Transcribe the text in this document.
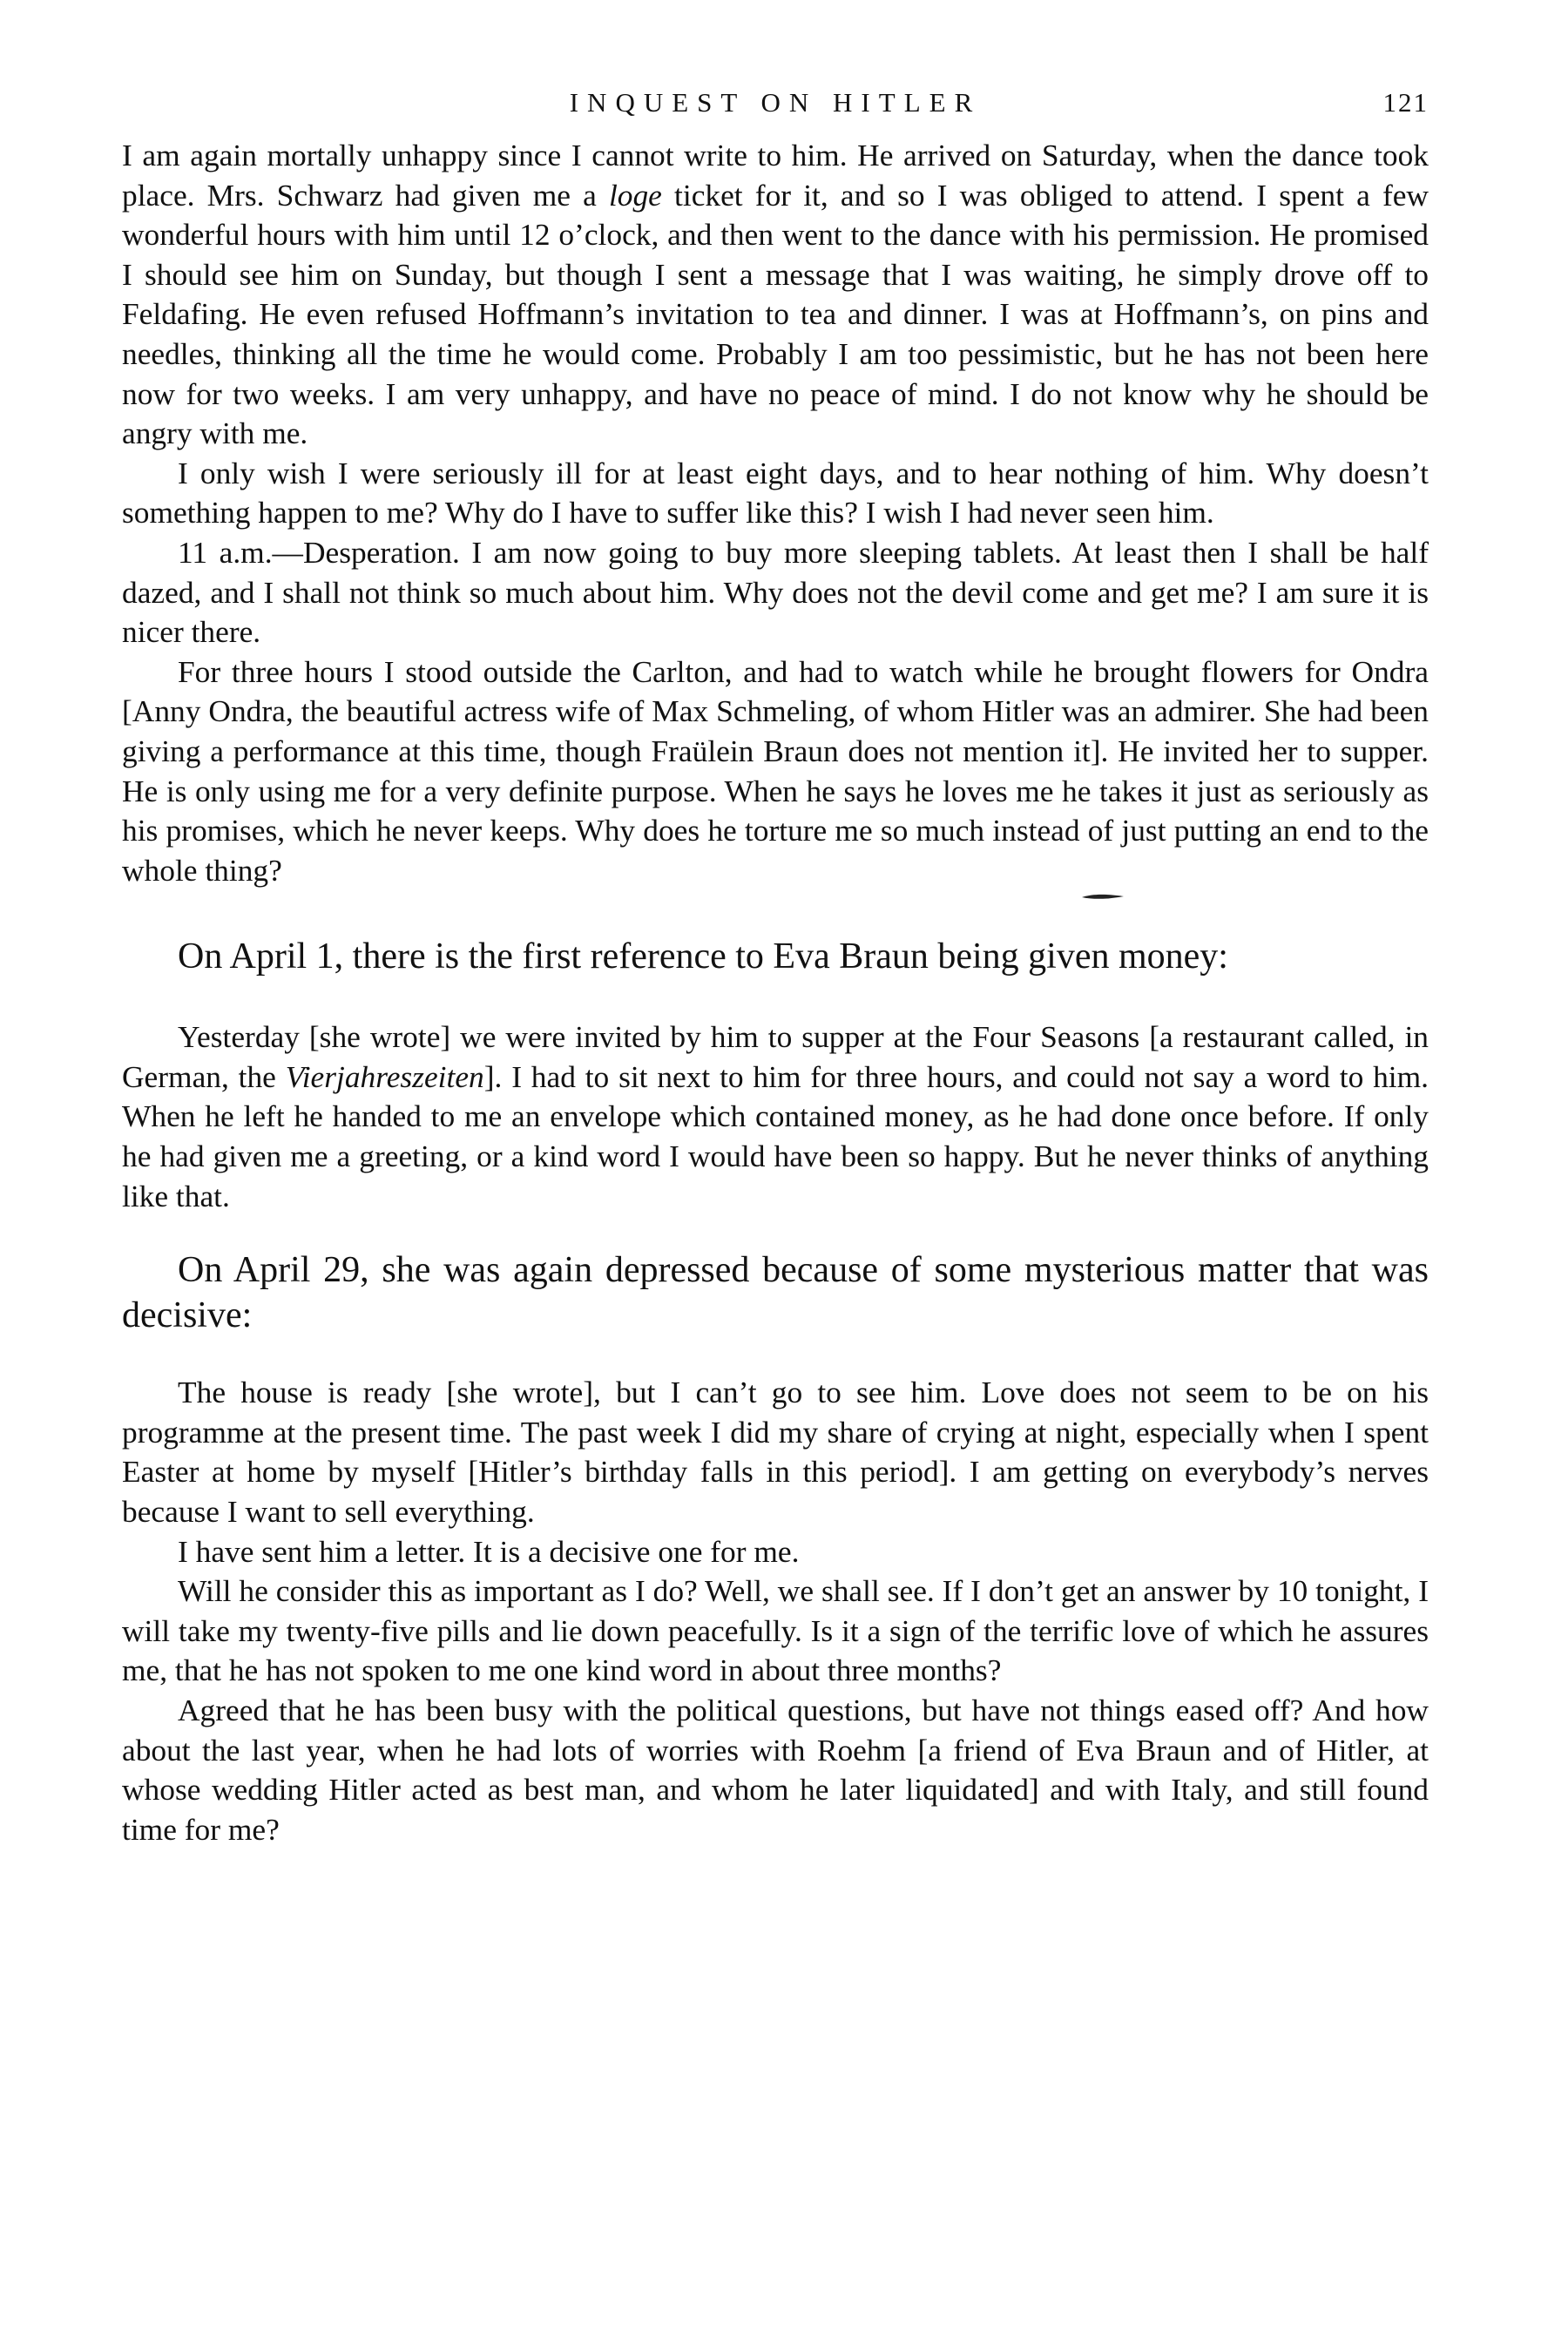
INQUEST ON HITLER	121

I am again mortally unhappy since I cannot write to him. He arrived on Saturday, when the dance took place. Mrs. Schwarz had given me a loge ticket for it, and so I was obliged to attend. I spent a few wonderful hours with him until 12 o’clock, and then went to the dance with his permission. He promised I should see him on Sunday, but though I sent a message that I was waiting, he simply drove off to Feldafing. He even refused Hoffmann’s invitation to tea and dinner. I was at Hoffmann’s, on pins and needles, thinking all the time he would come. Probably I am too pessimistic, but he has not been here now for two weeks. I am very unhappy, and have no peace of mind. I do not know why he should be angry with me.

I only wish I were seriously ill for at least eight days, and to hear nothing of him. Why doesn’t something happen to me? Why do I have to suffer like this? I wish I had never seen him.

11 a.m.—Desperation. I am now going to buy more sleeping tablets. At least then I shall be half dazed, and I shall not think so much about him. Why does not the devil come and get me? I am sure it is nicer there.

For three hours I stood outside the Carlton, and had to watch while he brought flowers for Ondra [Anny Ondra, the beautiful actress wife of Max Schmeling, of whom Hitler was an admirer. She had been giving a performance at this time, though Fraülein Braun does not mention it]. He invited her to supper. He is only using me for a very definite purpose. When he says he loves me he takes it just as seriously as his promises, which he never keeps. Why does he torture me so much instead of just putting an end to the whole thing?

On April 1, there is the first reference to Eva Braun being given money:

Yesterday [she wrote] we were invited by him to supper at the Four Seasons [a restaurant called, in German, the Vierjahreszeiten]. I had to sit next to him for three hours, and could not say a word to him. When he left he handed to me an envelope which contained money, as he had done once before. If only he had given me a greeting, or a kind word I would have been so happy. But he never thinks of anything like that.

On April 29, she was again depressed because of some mysterious matter that was decisive:

The house is ready [she wrote], but I can’t go to see him. Love does not seem to be on his programme at the present time. The past week I did my share of crying at night, especially when I spent Easter at home by myself [Hitler’s birthday falls in this period]. I am getting on everybody’s nerves because I want to sell everything.

I have sent him a letter. It is a decisive one for me.

Will he consider this as important as I do? Well, we shall see. If I don’t get an answer by 10 tonight, I will take my twenty-five pills and lie down peacefully. Is it a sign of the terrific love of which he assures me, that he has not spoken to me one kind word in about three months?

Agreed that he has been busy with the political questions, but have not things eased off? And how about the last year, when he had lots of worries with Roehm [a friend of Eva Braun and of Hitler, at whose wedding Hitler acted as best man, and whom he later liquidated] and with Italy, and still found time for me?
